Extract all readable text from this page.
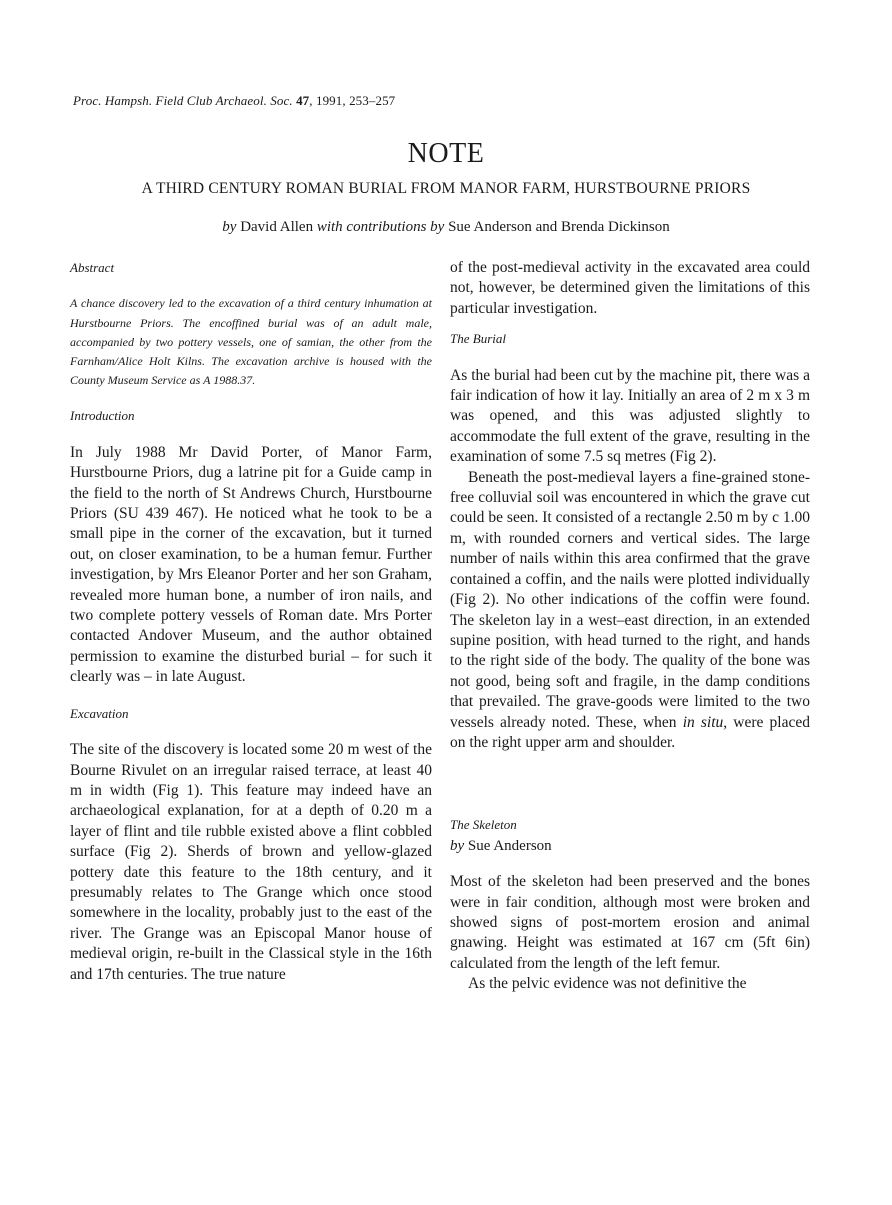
Proc. Hampsh. Field Club Archaeol. Soc. 47, 1991, 253–257
NOTE
A THIRD CENTURY ROMAN BURIAL FROM MANOR FARM, HURSTBOURNE PRIORS
by David Allen with contributions by Sue Anderson and Brenda Dickinson

Abstract

A chance discovery led to the excavation of a third century inhumation at Hurstbourne Priors. The encoffined burial was of an adult male, accompanied by two pottery vessels, one of samian, the other from the Farnham/Alice Holt Kilns. The excavation archive is housed with the County Museum Service as A 1988.37.

Introduction

In July 1988 Mr David Porter, of Manor Farm, Hurstbourne Priors, dug a latrine pit for a Guide camp in the field to the north of St Andrews Church, Hurstbourne Priors (SU 439 467). He noticed what he took to be a small pipe in the corner of the excavation, but it turned out, on closer examination, to be a human femur. Further investigation, by Mrs Eleanor Porter and her son Graham, revealed more human bone, a number of iron nails, and two complete pottery vessels of Roman date. Mrs Porter contacted Andover Museum, and the author obtained permission to examine the disturbed burial – for such it clearly was – in late August.

Excavation

The site of the discovery is located some 20 m west of the Bourne Rivulet on an irregular raised terrace, at least 40 m in width (Fig 1). This feature may indeed have an archaeological explanation, for at a depth of 0.20 m a layer of flint and tile rubble existed above a flint cobbled surface (Fig 2). Sherds of brown and yellow-glazed pottery date this feature to the 18th century, and it presumably relates to The Grange which once stood somewhere in the locality, probably just to the east of the river. The Grange was an Episcopal Manor house of medieval origin, re-built in the Classical style in the 16th and 17th centuries. The true nature

of the post-medieval activity in the excavated area could not, however, be determined given the limitations of this particular investigation.

The Burial

As the burial had been cut by the machine pit, there was a fair indication of how it lay. Initially an area of 2 m x 3 m was opened, and this was adjusted slightly to accommodate the full extent of the grave, resulting in the examination of some 7.5 sq metres (Fig 2).

Beneath the post-medieval layers a fine-grained stone-free colluvial soil was encountered in which the grave cut could be seen. It consisted of a rectangle 2.50 m by c 1.00 m, with rounded corners and vertical sides. The large number of nails within this area confirmed that the grave contained a coffin, and the nails were plotted individually (Fig 2). No other indications of the coffin were found. The skeleton lay in a west–east direction, in an extended supine position, with head turned to the right, and hands to the right side of the body. The quality of the bone was not good, being soft and fragile, in the damp conditions that prevailed. The grave-goods were limited to the two vessels already noted. These, when in situ, were placed on the right upper arm and shoulder.

The Skeleton

by Sue Anderson

Most of the skeleton had been preserved and the bones were in fair condition, although most were broken and showed signs of post-mortem erosion and animal gnawing. Height was estimated at 167 cm (5ft 6in) calculated from the length of the left femur.

As the pelvic evidence was not definitive the
